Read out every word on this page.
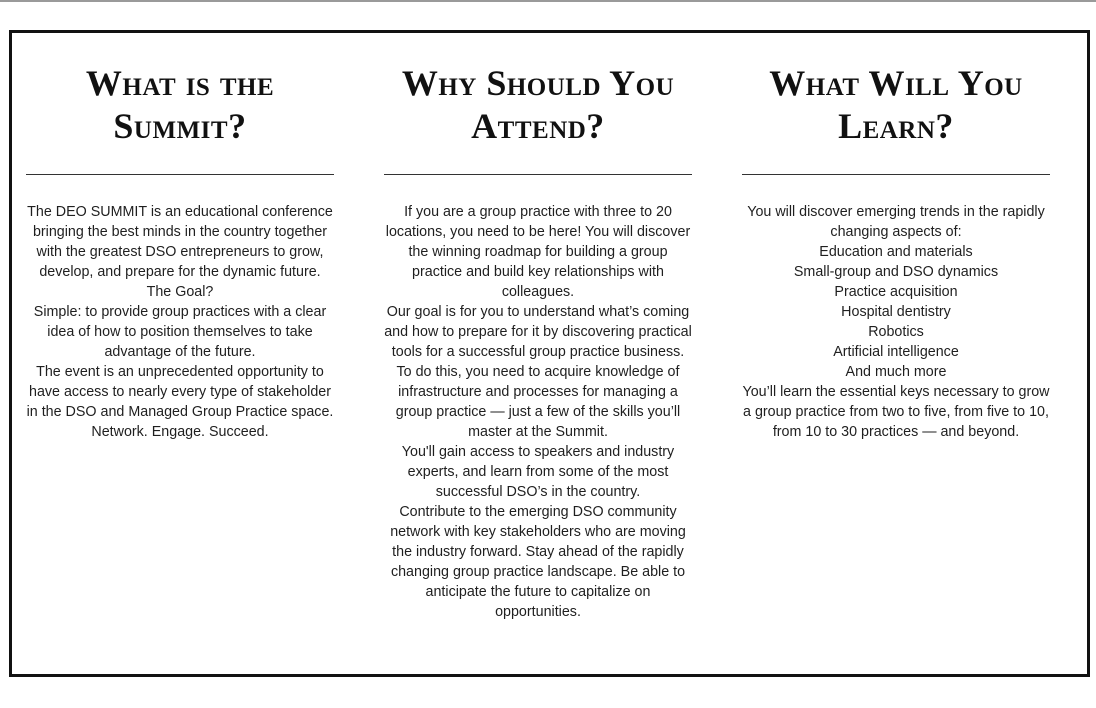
What is the
Summit?

The DEO SUMMIT is an educational conference bringing the best minds in the country together with the greatest DSO entrepreneurs to grow, develop, and prepare for the dynamic future.

The Goal?

Simple: to provide group practices with a clear idea of how to position themselves to take advantage of the future.

The event is an unprecedented opportunity to have access to nearly every type of stakeholder in the DSO and Managed Group Practice space.

Network. Engage. Succeed.

Why Should You
Attend?

If you are a group practice with three to 20 locations, you need to be here! You will discover the winning roadmap for building a group practice and build key relationships with colleagues.

Our goal is for you to understand what’s coming and how to prepare for it by discovering practical tools for a successful group practice business. To do this, you need to acquire knowledge of infrastructure and processes for managing a group practice — just a few of the skills you’ll master at the Summit.

You'll gain access to speakers and industry experts, and learn from some of the most successful DSO’s in the country.

Contribute to the emerging DSO community network with key stakeholders who are moving the industry forward. Stay ahead of the rapidly changing group practice landscape. Be able to anticipate the future to capitalize on opportunities.

What Will You
Learn?

You will discover emerging trends in the rapidly changing aspects of:

Education and materials

Small-group and DSO dynamics

Practice acquisition

Hospital dentistry

Robotics

Artificial intelligence

And much more

You’ll learn the essential keys necessary to grow a group practice from two to five, from five to 10, from 10 to 30 practices — and beyond.
